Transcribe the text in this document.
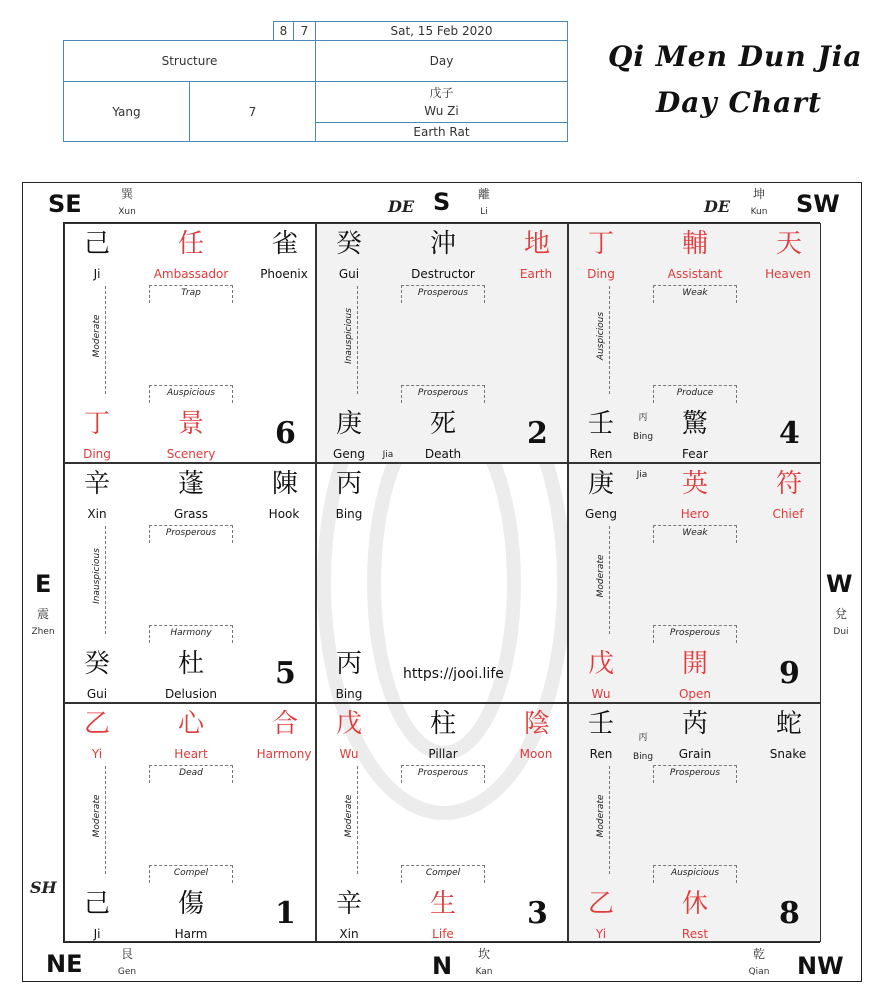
8	7	Sat, 15 Feb 2020
Structure	Day
Yang	7
戊子
Wu Zi
Earth Rat
Qi Men Dun Jia
Day Chart
SE	巽
Xun	DE S 離
Li	DE
坤
Kun SW
E
震
Zhen
W
兌
Dui
SH
NE	艮
Gen	N 坎
Kan
乾
Qian NW
己
Ji
任
Ambassador
雀
Phoenix
Trap
Moderate
Auspicious
丁
Ding
景
Scenery
6
癸
Gui
沖
Destructor
地
Earth
Prosperous
Inauspicious
Prosperous
庚
Geng	Jia
死
Death
2
丁
Ding
輔
Assistant
天
Heaven
Weak
Auspicious
Produce
壬
Ren
丙
Bing 驚
Fear
4
辛
Xin
蓬
Grass
陳
Hook
Prosperous
Inauspicious
Harmony
癸
Gui
杜
Delusion
5
丙
Bing
丙
Bing
https://jooi.life
庚
Geng
Jia 英
Hero
符
Chief
Weak
Moderate
Prosperous
戊
Wu
開
Open
9
乙
Yi
心
Heart
合
Harmony
Dead
Moderate
Compel
己
Ji
傷
Harm
1
戊
Wu
柱
Pillar
陰
Moon
Prosperous
Moderate
Compel
辛
Xin
生
Life
3
壬
Ren
丙
Bing
芮
Grain
蛇
Snake
Prosperous
Moderate
Auspicious
乙
Yi
休
Rest
8
